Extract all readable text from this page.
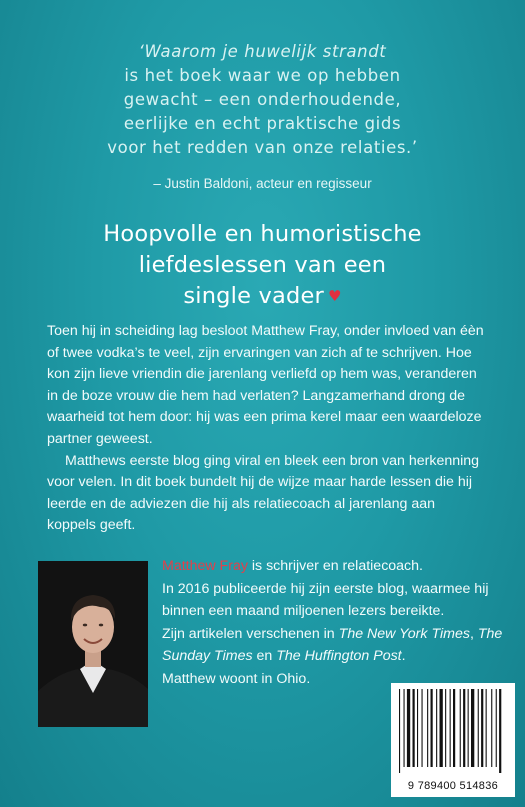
‘Waarom je huwelijk strandt
is het boek waar we op hebben
gewacht – een onderhoudende,
eerlijke en echt praktische gids
voor het redden van onze relaties.’
– Justin Baldoni, acteur en regisseur
Hoopvolle en humoristische
liefdeslessen van een
single vader ♥

Toen hij in scheiding lag besloot Matthew Fray, onder invloed van éèn of twee vodka’s te veel, zijn ervaringen van zich af te schrijven. Hoe kon zijn lieve vriendin die jarenlang verliefd op hem was, veranderen in de boze vrouw die hem had verlaten? Langzamerhand drong de waarheid tot hem door: hij was een prima kerel maar een waardeloze partner geweest.

Matthews eerste blog ging viral en bleek een bron van herkenning voor velen. In dit boek bundelt hij de wijze maar harde lessen die hij leerde en de adviezen die hij als relatiecoach al jarenlang aan koppels geeft.

Matthew Fray is schrijver en relatiecoach.
In 2016 publiceerde hij zijn eerste blog, waarmee hij binnen een maand miljoenen lezers bereikte.
Zijn artikelen verschenen in The New York Times, The Sunday Times en The Huffington Post.
Matthew woont in Ohio.
9 789400 514836
